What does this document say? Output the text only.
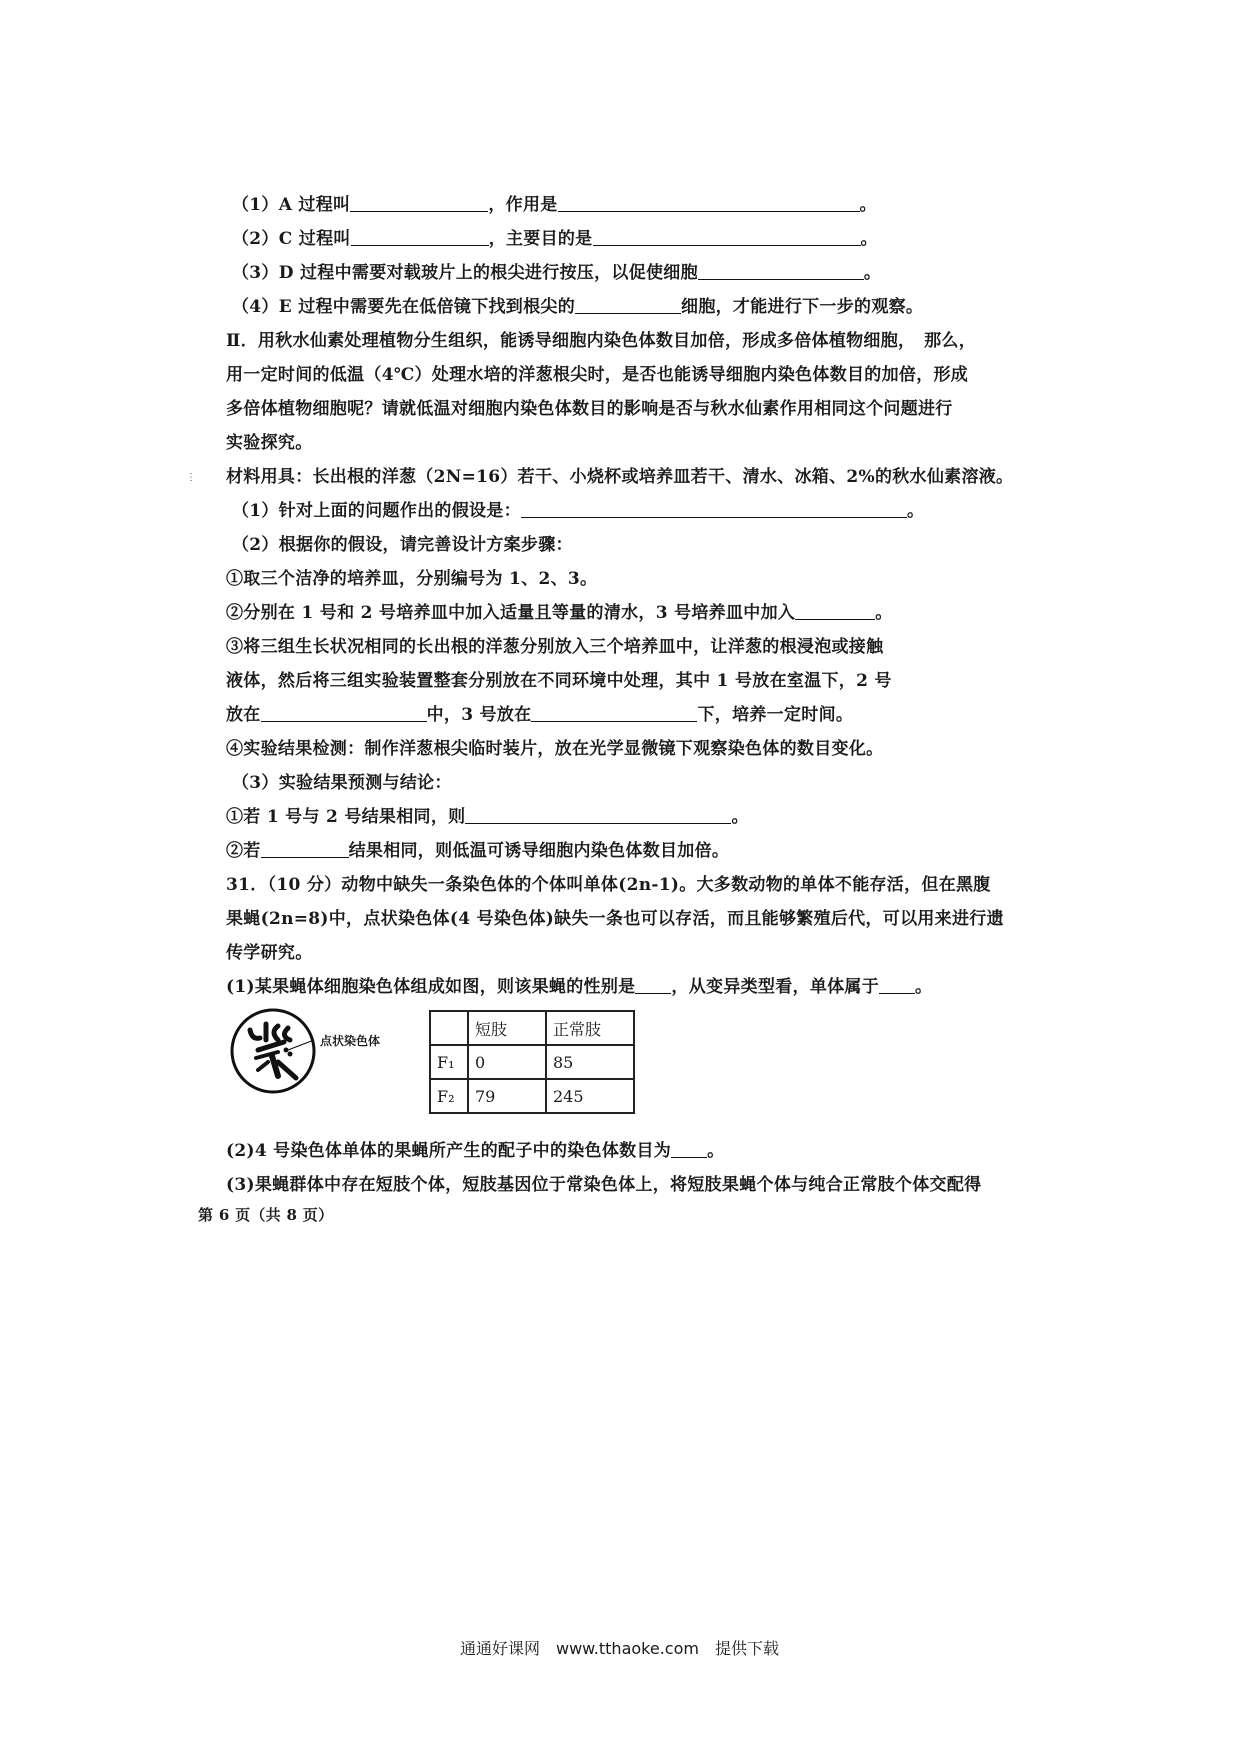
⋮
（1）A 过程叫	，作用是	。
（2）C 过程叫	，主要目的是	。
（3）D 过程中需要对载玻片上的根尖进行按压，以促使细胞	。
（4）E 过程中需要先在低倍镜下找到根尖的	细胞，才能进行下一步的观察。
Ⅱ．用秋水仙素处理植物分生组织，能诱导细胞内染色体数目加倍，形成多倍体植物细胞，　那么，
用一定时间的低温（4℃）处理水培的洋葱根尖时，是否也能诱导细胞内染色体数目的加倍，形成
多倍体植物细胞呢？请就低温对细胞内染色体数目的影响是否与秋水仙素作用相同这个问题进行
实验探究。
材料用具：长出根的洋葱（2N=16）若干、小烧杯或培养皿若干、清水、冰箱、2%的秋水仙素溶液。
（1）针对上面的问题作出的假设是：	。
（2）根据你的假设，请完善设计方案步骤：
①取三个洁净的培养皿，分别编号为 1、2、3。
②分别在 1 号和 2 号培养皿中加入适量且等量的清水，3 号培养皿中加入	。
③将三组生长状况相同的长出根的洋葱分别放入三个培养皿中，让洋葱的根浸泡或接触
液体，然后将三组实验装置整套分别放在不同环境中处理，其中 1 号放在室温下，2 号
放在	中，3 号放在	下，培养一定时间。
④实验结果检测：制作洋葱根尖临时装片，放在光学显微镜下观察染色体的数目变化。
（3）实验结果预测与结论：
①若 1 号与 2 号结果相同，则	。
②若	结果相同，则低温可诱导细胞内染色体数目加倍。
31．（10 分）动物中缺失一条染色体的个体叫单体(2n-1)。大多数动物的单体不能存活，但在黑腹
果蝇(2n=8)中，点状染色体(4 号染色体)缺失一条也可以存活，而且能够繁殖后代，可以用来进行遗
传学研究。
(1)某果蝇体细胞染色体组成如图，则该果蝇的性别是 ，从变异类型看，单体属于 。
点状染色体
	短肢	正常肢
F₁	0	85
F₂	79	245
(2)4 号染色体单体的果蝇所产生的配子中的染色体数目为 。
(3)果蝇群体中存在短肢个体，短肢基因位于常染色体上，将短肢果蝇个体与纯合正常肢个体交配得
第 6 页（共 8 页）
通通好课网　www.tthaoke.com　提供下载
